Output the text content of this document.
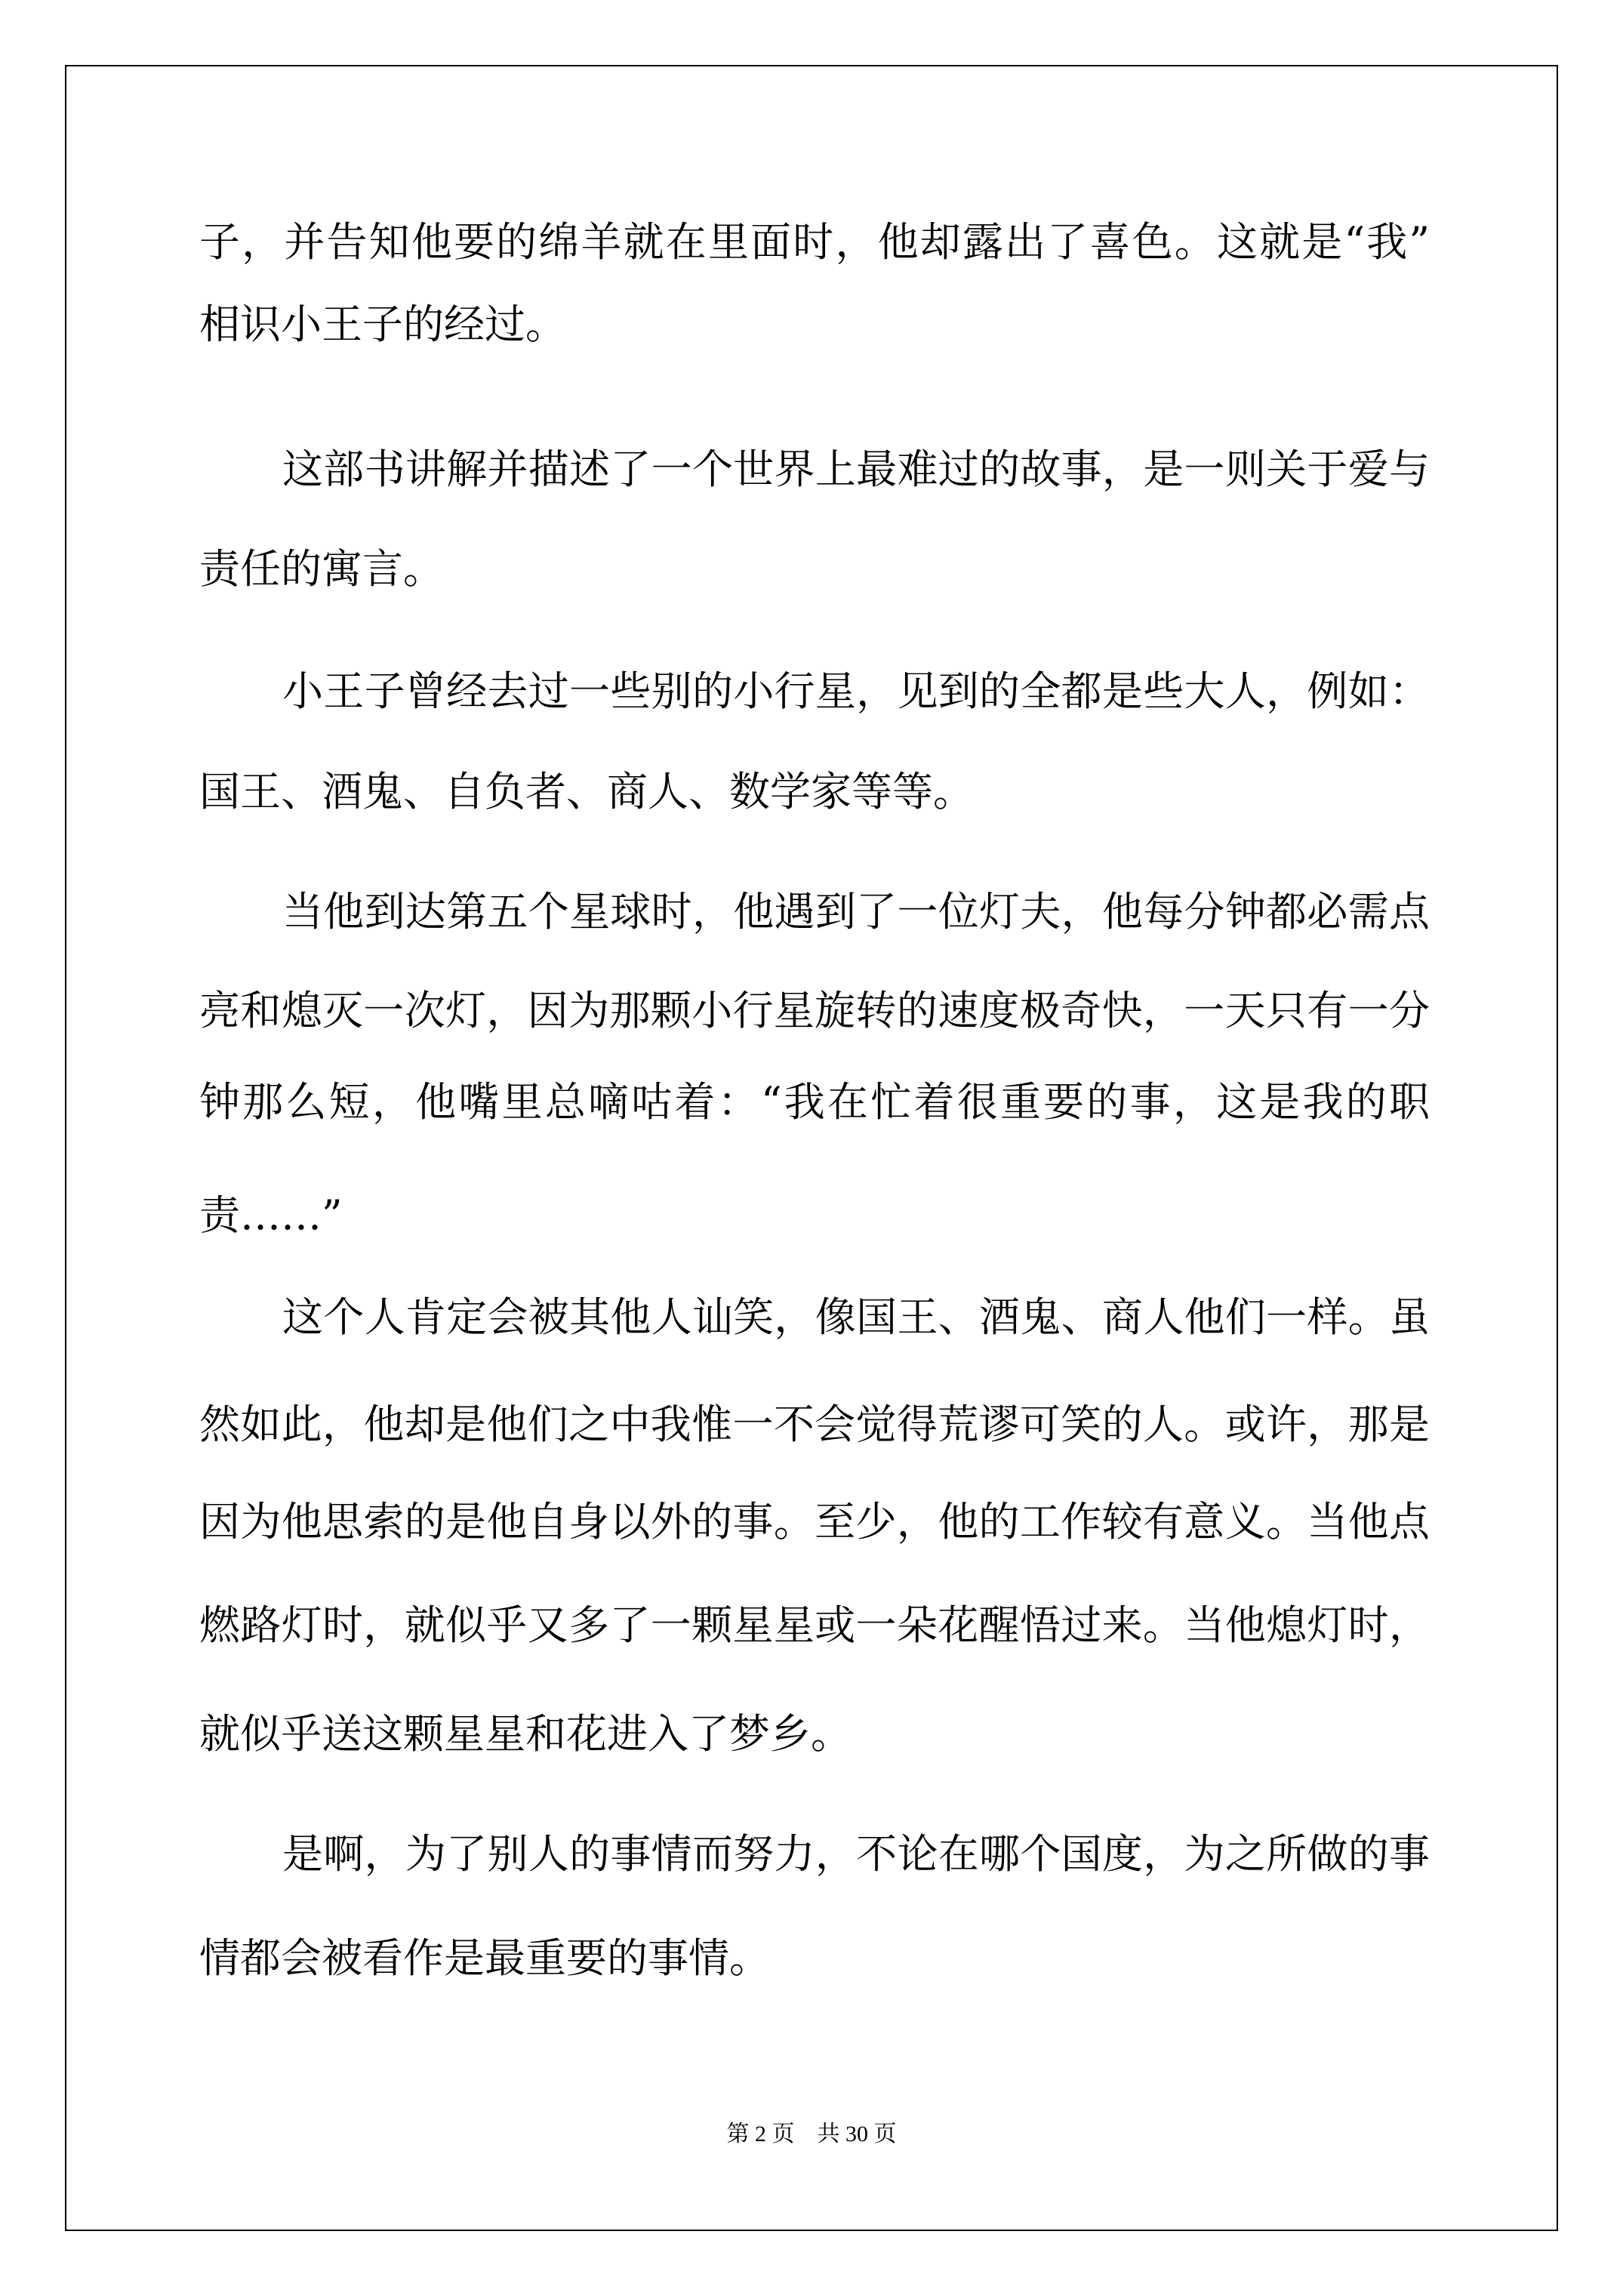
子，并告知他要的绵羊就在里面时，他却露出了喜色。这就是“我”
相识小王子的经过。
这部书讲解并描述了一个世界上最难过的故事，是一则关于爱与
责任的寓言。
小王子曾经去过一些别的小行星，见到的全都是些大人，例如：
国王、酒鬼、自负者、商人、数学家等等。
当他到达第五个星球时，他遇到了一位灯夫，他每分钟都必需点
亮和熄灭一次灯，因为那颗小行星旋转的速度极奇快，一天只有一分
钟那么短，他嘴里总嘀咕着：“我在忙着很重要的事，这是我的职
责……”
这个人肯定会被其他人讪笑，像国王、酒鬼、商人他们一样。虽
然如此，他却是他们之中我惟一不会觉得荒谬可笑的人。或许，那是
因为他思索的是他自身以外的事。至少，他的工作较有意义。当他点
燃路灯时，就似乎又多了一颗星星或一朵花醒悟过来。当他熄灯时，
就似乎送这颗星星和花进入了梦乡。
是啊，为了别人的事情而努力，不论在哪个国度，为之所做的事
情都会被看作是最重要的事情。
第 2 页　共 30 页
